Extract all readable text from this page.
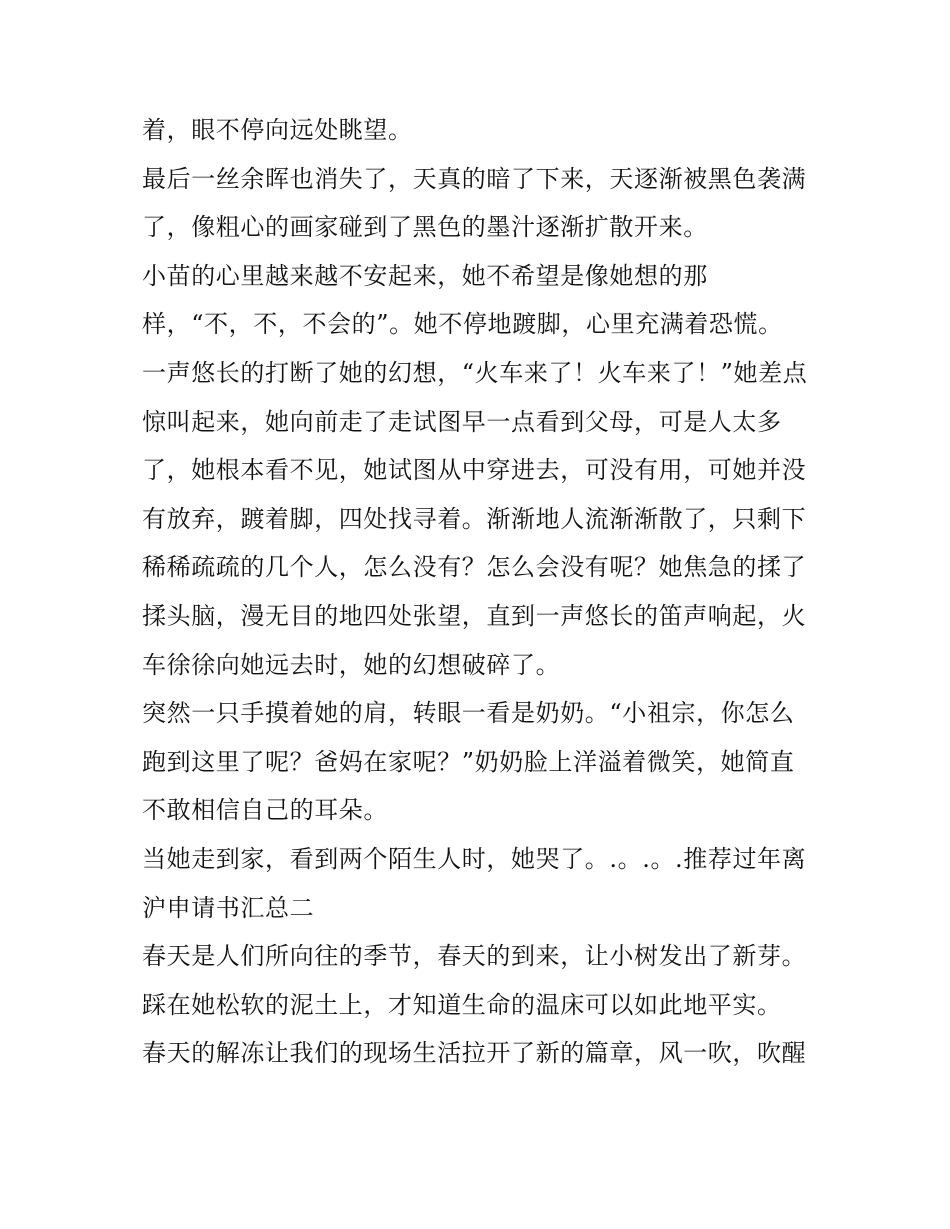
着，眼不停向远处眺望。
最后一丝余晖也消失了，天真的暗了下来，天逐渐被黑色袭满
了，像粗心的画家碰到了黑色的墨汁逐渐扩散开来。
小苗的心里越来越不安起来，她不希望是像她想的那
样，“不，不，不会的”。她不停地踱脚，心里充满着恐慌。
一声悠长的打断了她的幻想，“火车来了！火车来了！”她差点
惊叫起来，她向前走了走试图早一点看到父母，可是人太多
了，她根本看不见，她试图从中穿进去，可没有用，可她并没
有放弃，踱着脚，四处找寻着。渐渐地人流渐渐散了，只剩下
稀稀疏疏的几个人，怎么没有？怎么会没有呢？她焦急的揉了
揉头脑，漫无目的地四处张望，直到一声悠长的笛声响起，火
车徐徐向她远去时，她的幻想破碎了。
突然一只手摸着她的肩，转眼一看是奶奶。“小祖宗，你怎么
跑到这里了呢？爸妈在家呢？”奶奶脸上洋溢着微笑，她简直
不敢相信自己的耳朵。
当她走到家，看到两个陌生人时，她哭了。.。.。.推荐过年离
沪申请书汇总二
春天是人们所向往的季节，春天的到来，让小树发出了新芽。
踩在她松软的泥土上，才知道生命的温床可以如此地平实。
春天的解冻让我们的现场生活拉开了新的篇章，风一吹，吹醒
